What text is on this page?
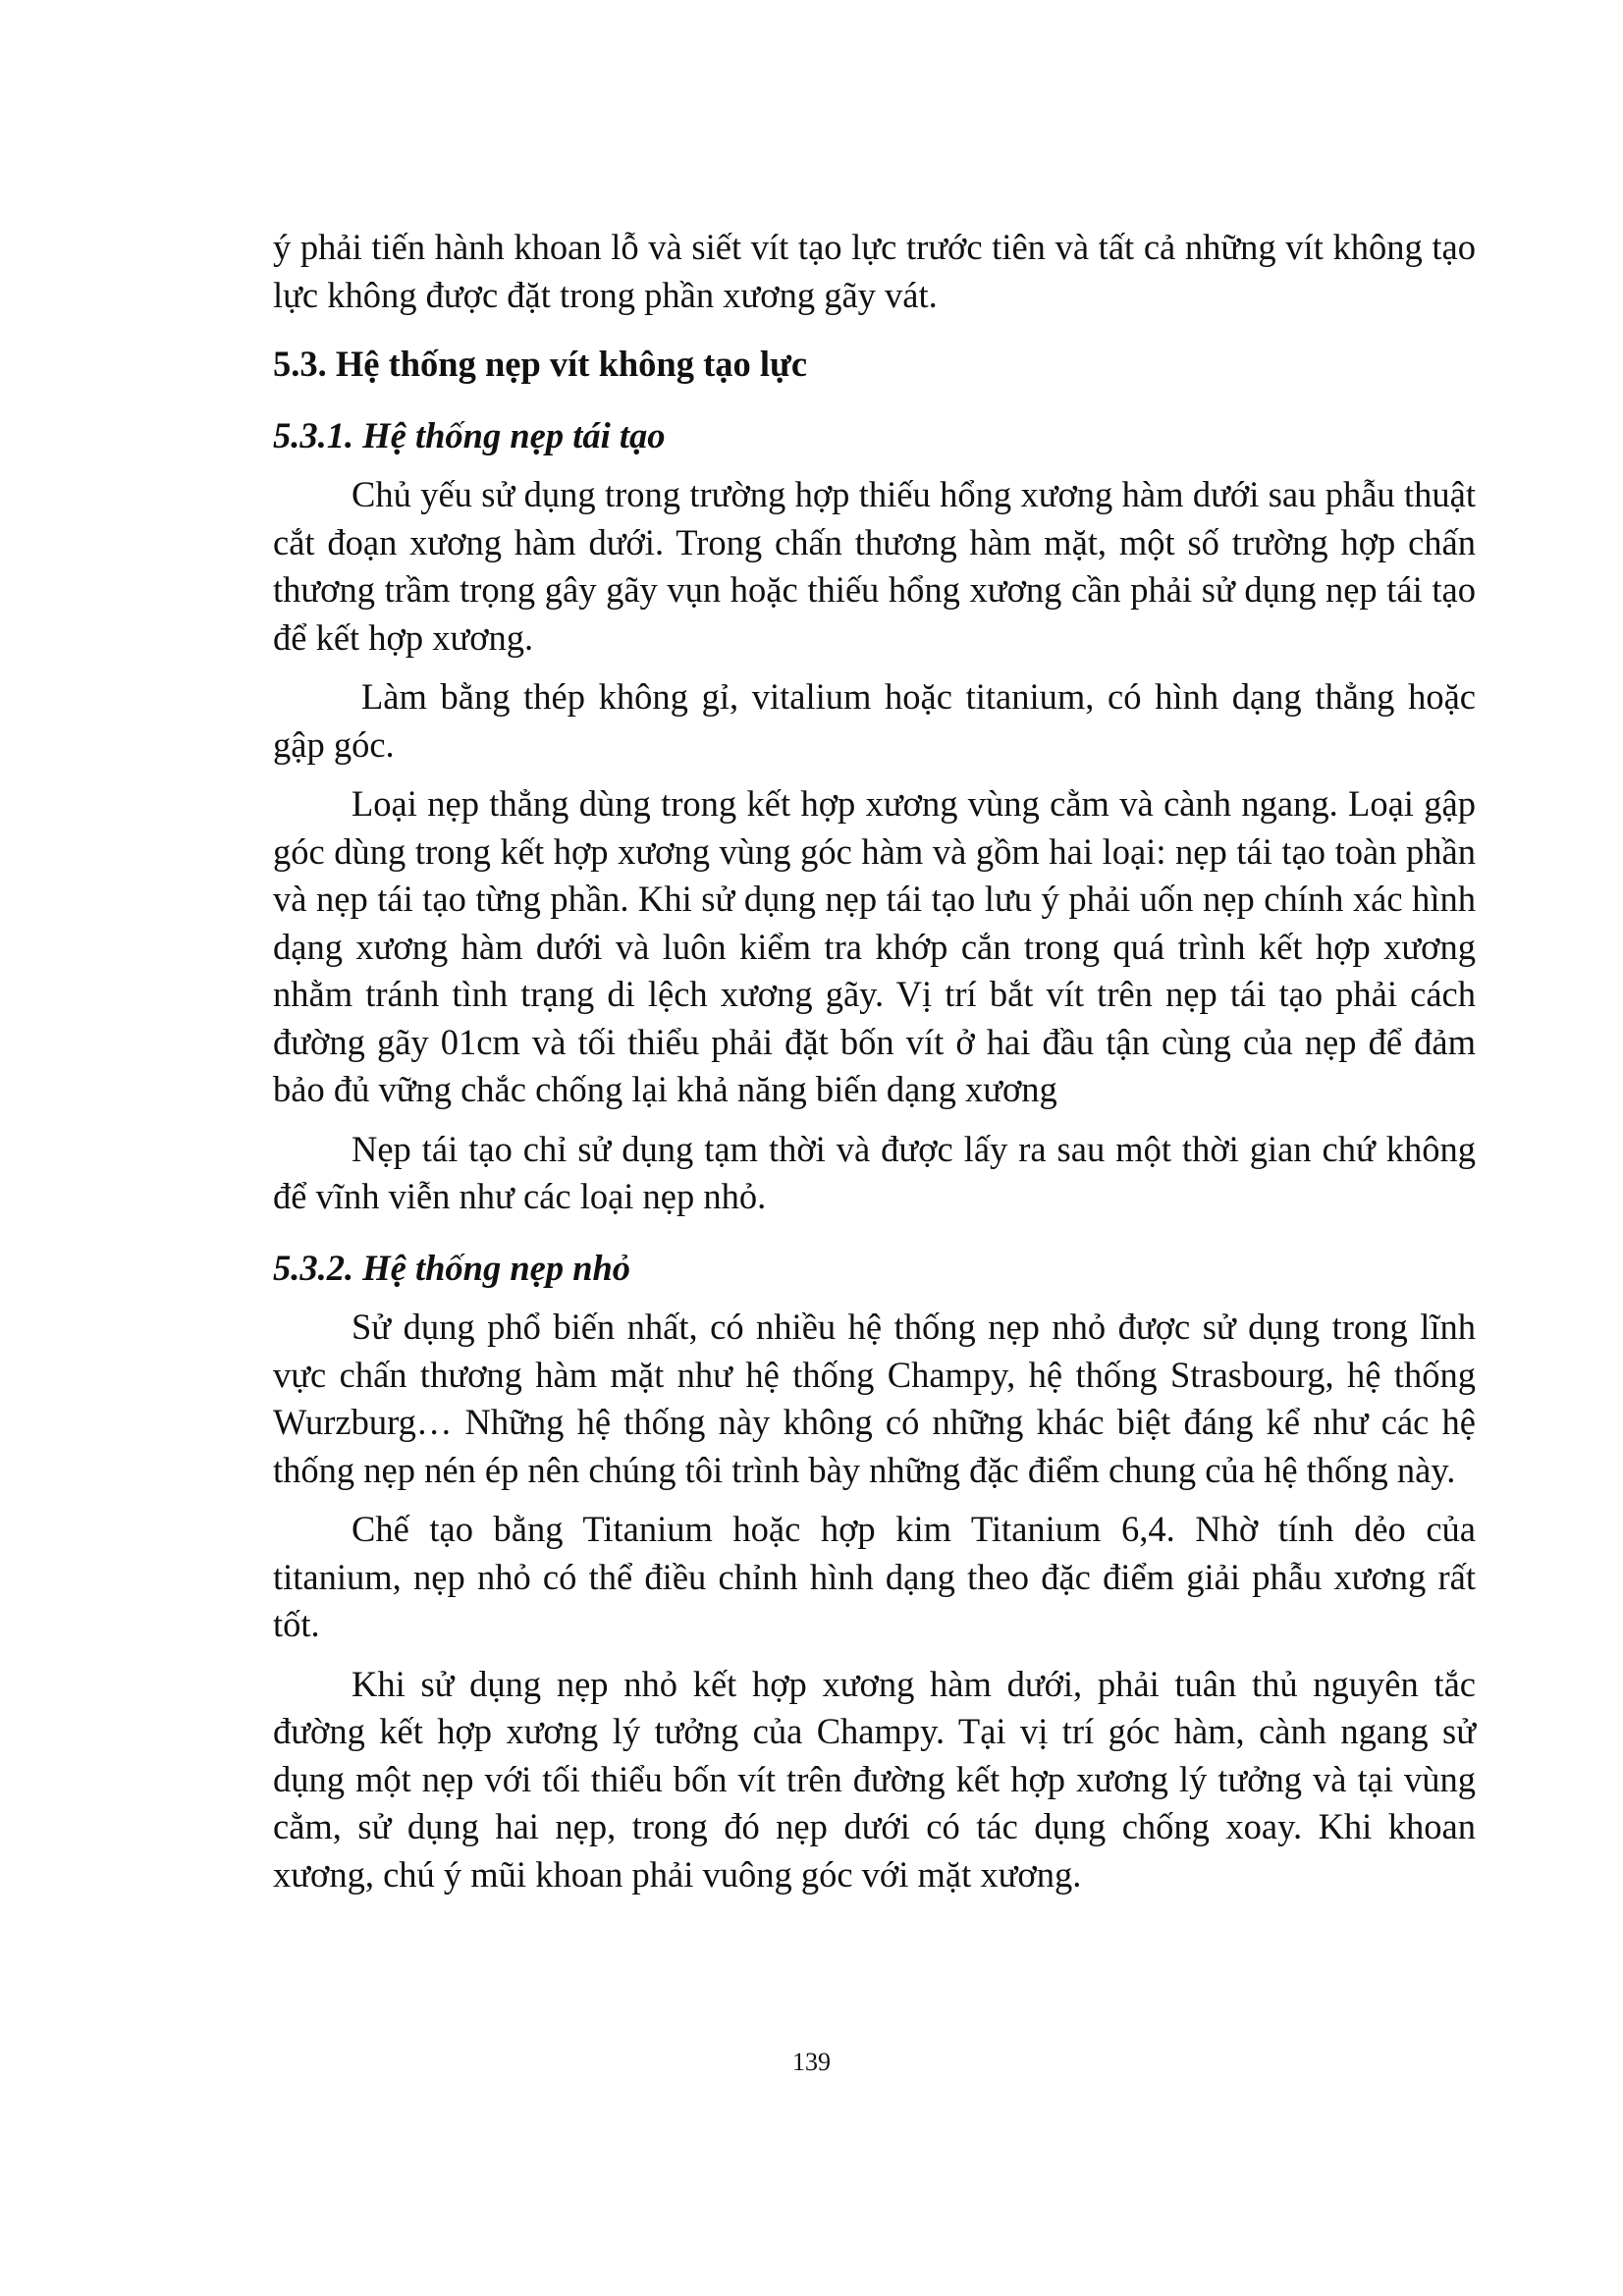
ý phải tiến hành khoan lỗ và siết vít tạo lực trước tiên và tất cả những vít không tạo lực không được đặt trong phần xương gãy vát.

5.3. Hệ thống nẹp vít không tạo lực
5.3.1. Hệ thống nẹp tái tạo

Chủ yếu sử dụng trong trường hợp thiếu hổng xương hàm dưới sau phẫu thuật cắt đoạn xương hàm dưới. Trong chấn thương hàm mặt, một số trường hợp chấn thương trầm trọng gây gãy vụn hoặc thiếu hổng xương cần phải sử dụng nẹp tái tạo để kết hợp xương.

Làm bằng thép không gỉ, vitalium hoặc titanium, có hình dạng thẳng hoặc gập góc.

Loại nẹp thẳng dùng trong kết hợp xương vùng cằm và cành ngang. Loại gập góc dùng trong kết hợp xương vùng góc hàm và gồm hai loại: nẹp tái tạo toàn phần và nẹp tái tạo từng phần. Khi sử dụng nẹp tái tạo lưu ý phải uốn nẹp chính xác hình dạng xương hàm dưới và luôn kiểm tra khớp cắn trong quá trình kết hợp xương nhằm tránh tình trạng di lệch xương gãy. Vị trí bắt vít trên nẹp tái tạo phải cách đường gãy 01cm và tối thiểu phải đặt bốn vít ở hai đầu tận cùng của nẹp để đảm bảo đủ vững chắc chống lại khả năng biến dạng xương

Nẹp tái tạo chỉ sử dụng tạm thời và được lấy ra sau một thời gian chứ không để vĩnh viễn như các loại nẹp nhỏ.

5.3.2. Hệ thống nẹp nhỏ

Sử dụng phổ biến nhất, có nhiều hệ thống nẹp nhỏ được sử dụng trong lĩnh vực chấn thương hàm mặt như hệ thống Champy, hệ thống Strasbourg, hệ thống Wurzburg… Những hệ thống này không có những khác biệt đáng kể như các hệ thống nẹp nén ép nên chúng tôi trình bày những đặc điểm chung của hệ thống này.

Chế tạo bằng Titanium hoặc hợp kim Titanium 6,4. Nhờ tính dẻo của titanium, nẹp nhỏ có thể điều chỉnh hình dạng theo đặc điểm giải phẫu xương rất tốt.

Khi sử dụng nẹp nhỏ kết hợp xương hàm dưới, phải tuân thủ nguyên tắc đường kết hợp xương lý tưởng của Champy. Tại vị trí góc hàm, cành ngang sử dụng một nẹp với tối thiểu bốn vít trên đường kết hợp xương lý tưởng và tại vùng cằm, sử dụng hai nẹp, trong đó nẹp dưới có tác dụng chống xoay. Khi khoan xương, chú ý mũi khoan phải vuông góc với mặt xương.

139
